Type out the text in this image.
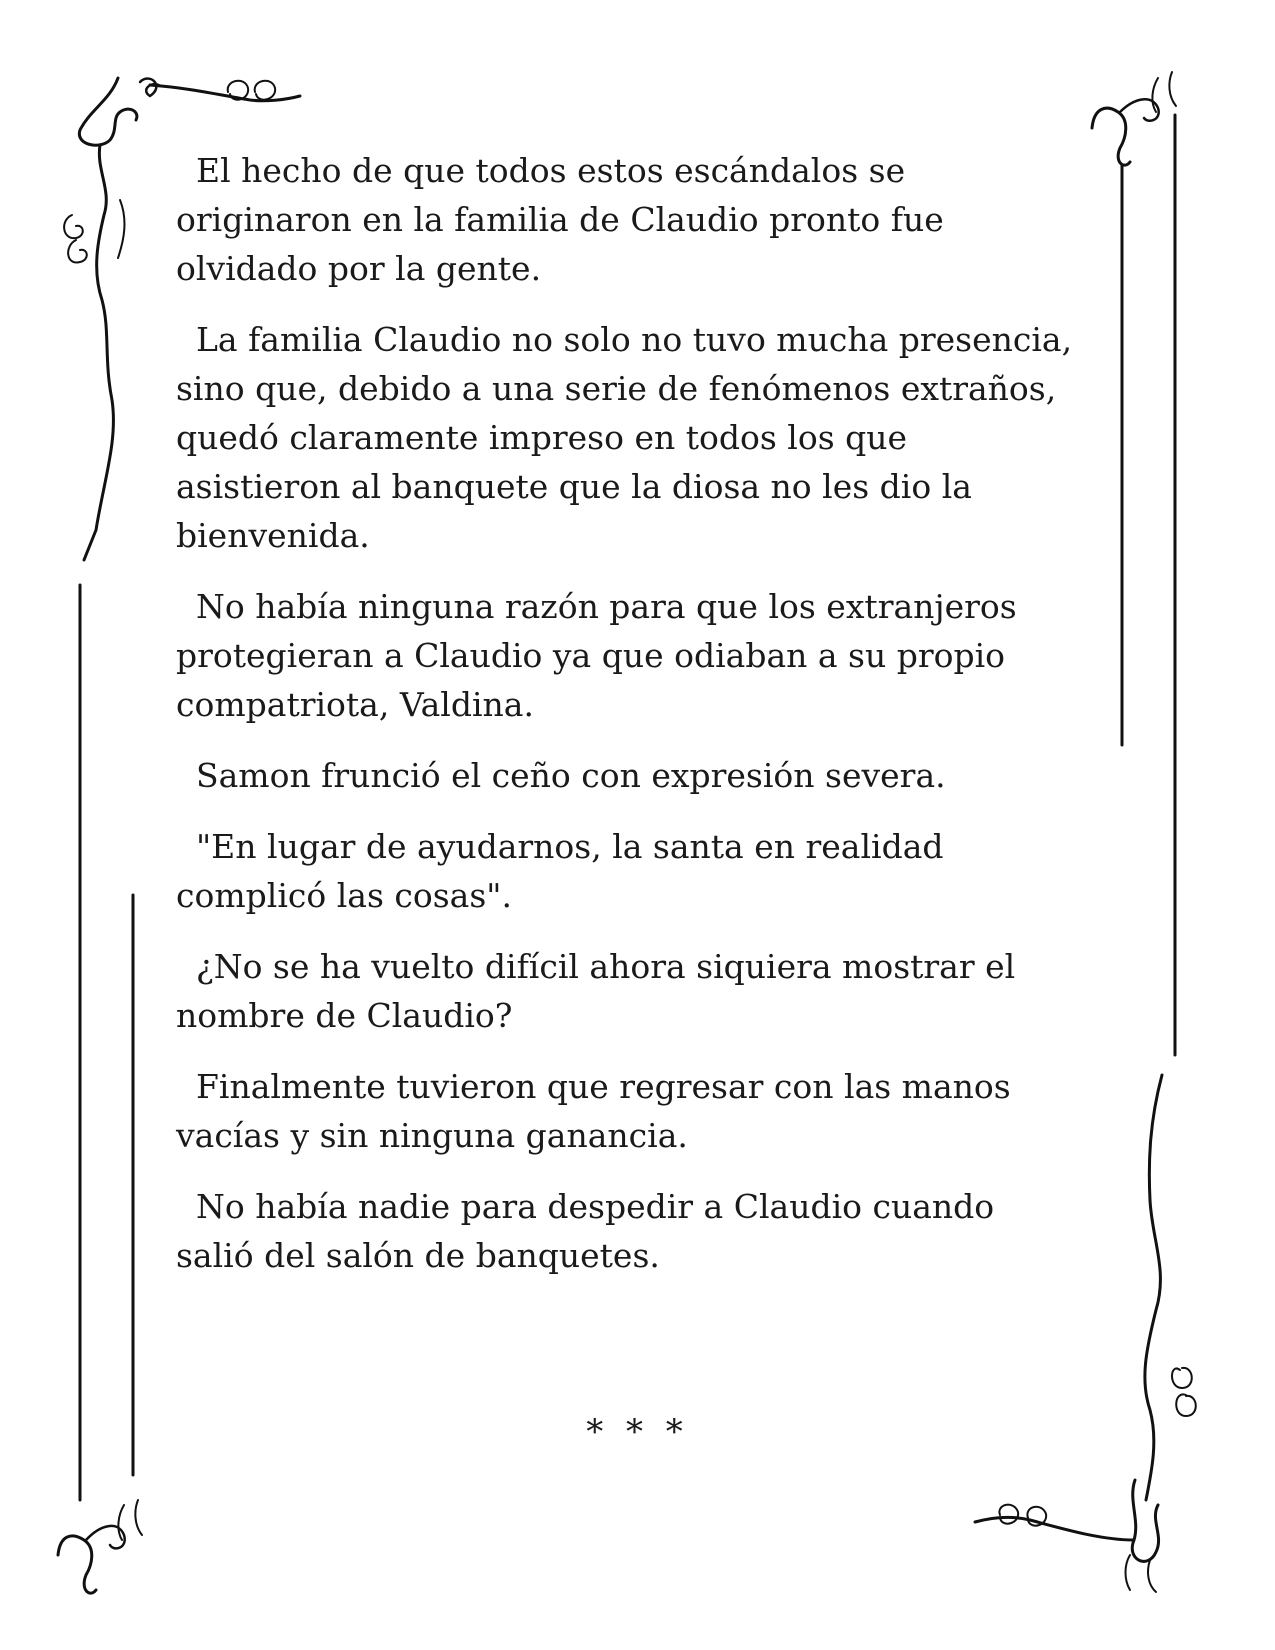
El hecho de que todos estos escándalos se originaron en la familia de Claudio pronto fue olvidado por la gente.

La familia Claudio no solo no tuvo mucha presencia, sino que, debido a una serie de fenómenos extraños, quedó claramente impreso en todos los que asistieron al banquete que la diosa no les dio la bienvenida.

No había ninguna razón para que los extranjeros protegieran a Claudio ya que odiaban a su propio compatriota, Valdina.

Samon frunció el ceño con expresión severa.

"En lugar de ayudarnos, la santa en realidad complicó las cosas".

¿No se ha vuelto difícil ahora siquiera mostrar el nombre de Claudio?

Finalmente tuvieron que regresar con las manos vacías y sin ninguna ganancia.

No había nadie para despedir a Claudio cuando salió del salón de banquetes.

* * *
